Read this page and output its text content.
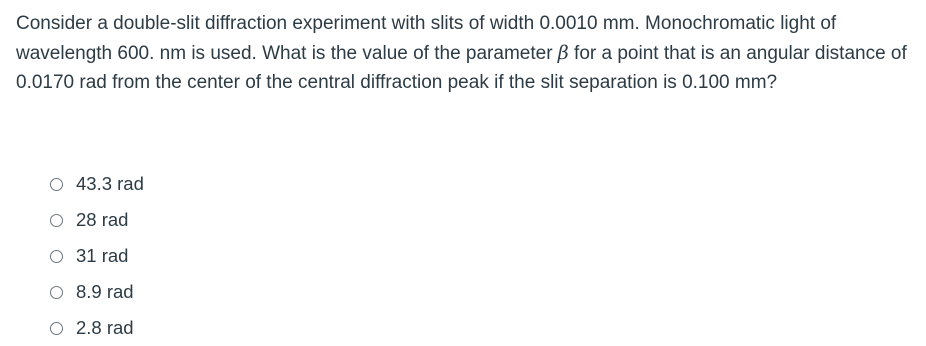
Consider a double-slit diffraction experiment with slits of width 0.0010 mm. Monochromatic light of wavelength 600. nm is used. What is the value of the parameter β for a point that is an angular distance of 0.0170 rad from the center of the central diffraction peak if the slit separation is 0.100 mm?

43.3 rad
28 rad
31 rad
8.9 rad
2.8 rad
